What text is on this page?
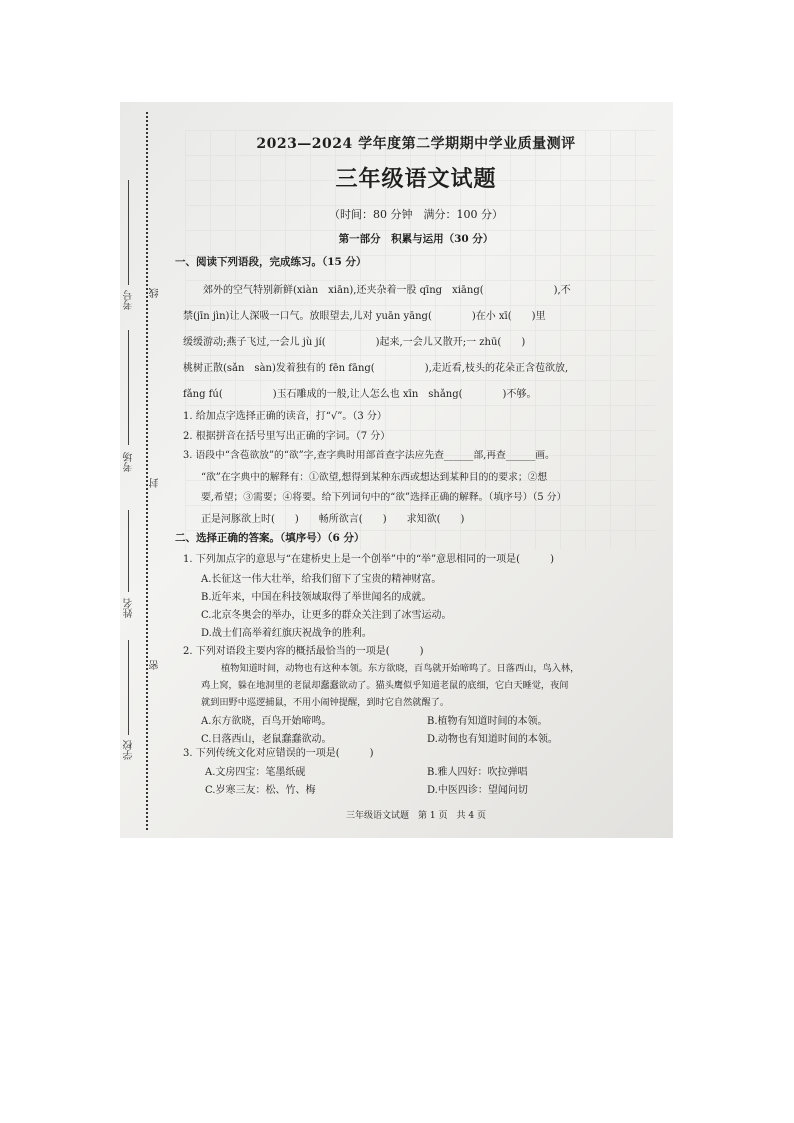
学校
姓名
考场
考号
密
封
线
2023—2024 学年度第二学期期中学业质量测评
三年级语文试题
（时间：80 分钟　满分：100 分）
第一部分　积累与运用（30 分）
一、阅读下列语段，完成练习。（15 分）
郊外的空气特别新鲜(xiàn　xiān),还夹杂着一股 qīng　xiāng(　　　　　　　),不
禁(jīn jìn)让人深吸一口气。放眼望去,儿对 yuān yāng(　　　　)在小 xī(　　)里
缓缓游动;燕子飞过,一会儿 jù jí(　　　　　)起来,一会儿又散开;一 zhū(　　)
桃树正散(sǎn　sàn)发着独有的 fēn fāng(　　　　　),走近看,枝头的花朵正含苞欲放,
fǎng fú(　　　　　)玉石雕成的一般,让人怎么也 xīn　shǎng(　　　　)不够。
1. 给加点字选择正确的读音，打“√”。（3 分）
2. 根据拼音在括号里写出正确的字词。（7 分）
3. 语段中“含苞欲放”的“欲”字,查字典时用部首查字法应先查______部,再查______画。
“欲”在字典中的解释有：①欲望,想得到某种东西或想达到某种目的的要求；②想
要,希望；③需要；④将要。给下列词句中的“欲”选择正确的解释。（填序号）（5 分）
正是河豚欲上时(　　)　　畅所欲言(　　)　　求知欲(　　)
二、选择正确的答案。（填序号）（6 分）
1. 下列加点字的意思与“在建桥史上是一个创举”中的“举”意思相同的一项是(　　　)
A.长征这一伟大壮举，给我们留下了宝贵的精神财富。
B.近年来，中国在科技领域取得了举世闻名的成就。
C.北京冬奥会的举办，让更多的群众关注到了冰雪运动。
D.战士们高举着红旗庆祝战争的胜利。
2. 下列对语段主要内容的概括最恰当的一项是(　　　)
植物知道时间，动物也有这种本领。东方欲晓，百鸟就开始啼鸣了。日落西山，鸟入林，
鸡上窝，躲在地洞里的老鼠却蠢蠢欲动了。猫头鹰似乎知道老鼠的底细，它白天睡觉，夜间
就到田野中巡逻捕鼠，不用小闹钟提醒，到时它自然就醒了。
A.东方欲晓，百鸟开始啼鸣。	B.植物有知道时间的本领。
C.日落西山，老鼠蠢蠢欲动。	D.动物也有知道时间的本领。
3. 下列传统文化对应错误的一项是(　　　)
A.文房四宝：笔墨纸砚	B.雅人四好：吹拉弹唱
C.岁寒三友：松、竹、梅	D.中医四诊：望闻问切
三年级语文试题　第 1 页　共 4 页
